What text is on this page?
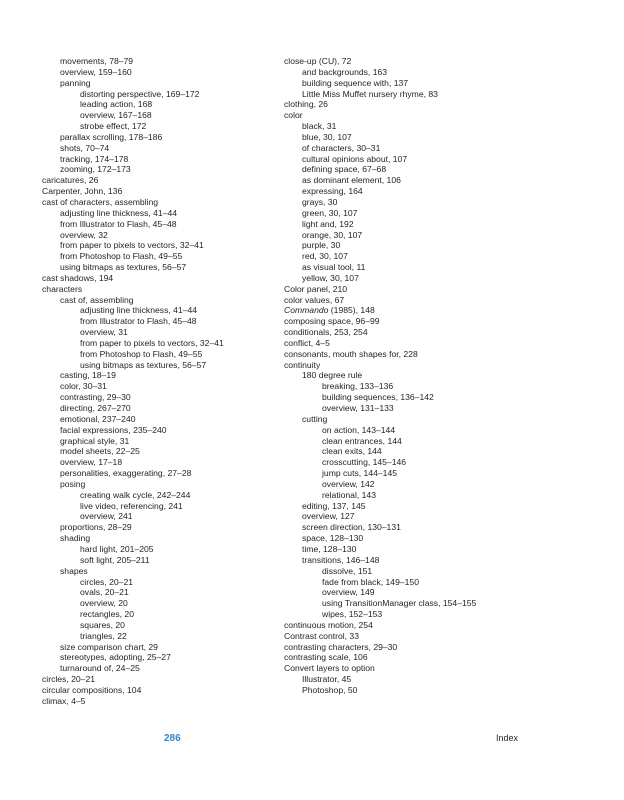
movements, 78–79
overview, 159–160
panning
distorting perspective, 169–172
leading action, 168
overview, 167–168
strobe effect, 172
parallax scrolling, 178–186
shots, 70–74
tracking, 174–178
zooming, 172–173
caricatures, 26
Carpenter, John, 136
cast of characters, assembling
adjusting line thickness, 41–44
from Illustrator to Flash, 45–48
overview, 32
from paper to pixels to vectors, 32–41
from Photoshop to Flash, 49–55
using bitmaps as textures, 56–57
cast shadows, 194
characters
cast of, assembling
adjusting line thickness, 41–44
from Illustrator to Flash, 45–48
overview, 31
from paper to pixels to vectors, 32–41
from Photoshop to Flash, 49–55
using bitmaps as textures, 56–57
casting, 18–19
color, 30–31
contrasting, 29–30
directing, 267–270
emotional, 237–240
facial expressions, 235–240
graphical style, 31
model sheets, 22–25
overview, 17–18
personalities, exaggerating, 27–28
posing
creating walk cycle, 242–244
live video, referencing, 241
overview, 241
proportions, 28–29
shading
hard light, 201–205
soft light, 205–211
shapes
circles, 20–21
ovals, 20–21
overview, 20
rectangles, 20
squares, 20
triangles, 22
size comparison chart, 29
stereotypes, adopting, 25–27
turnaround of, 24–25
circles, 20–21
circular compositions, 104
climax, 4–5
close-up (CU), 72
and backgrounds, 163
building sequence with, 137
Little Miss Muffet nursery rhyme, 83
clothing, 26
color
black, 31
blue, 30, 107
of characters, 30–31
cultural opinions about, 107
defining space, 67–68
as dominant element, 106
expressing, 164
grays, 30
green, 30, 107
light and, 192
orange, 30, 107
purple, 30
red, 30, 107
as visual tool, 11
yellow, 30, 107
Color panel, 210
color values, 67
Commando (1985), 148
composing space, 96–99
conditionals, 253, 254
conflict, 4–5
consonants, mouth shapes for, 228
continuity
180 degree rule
breaking, 133–136
building sequences, 136–142
overview, 131–133
cutting
on action, 143–144
clean entrances, 144
clean exits, 144
crosscutting, 145–146
jump cuts, 144–145
overview, 142
relational, 143
editing, 137, 145
overview, 127
screen direction, 130–131
space, 128–130
time, 128–130
transitions, 146–148
dissolve, 151
fade from black, 149–150
overview, 149
using TransitionManager class, 154–155
wipes, 152–153
continuous motion, 254
Contrast control, 33
contrasting characters, 29–30
contrasting scale, 106
Convert layers to option
Illustrator, 45
Photoshop, 50
286	Index
